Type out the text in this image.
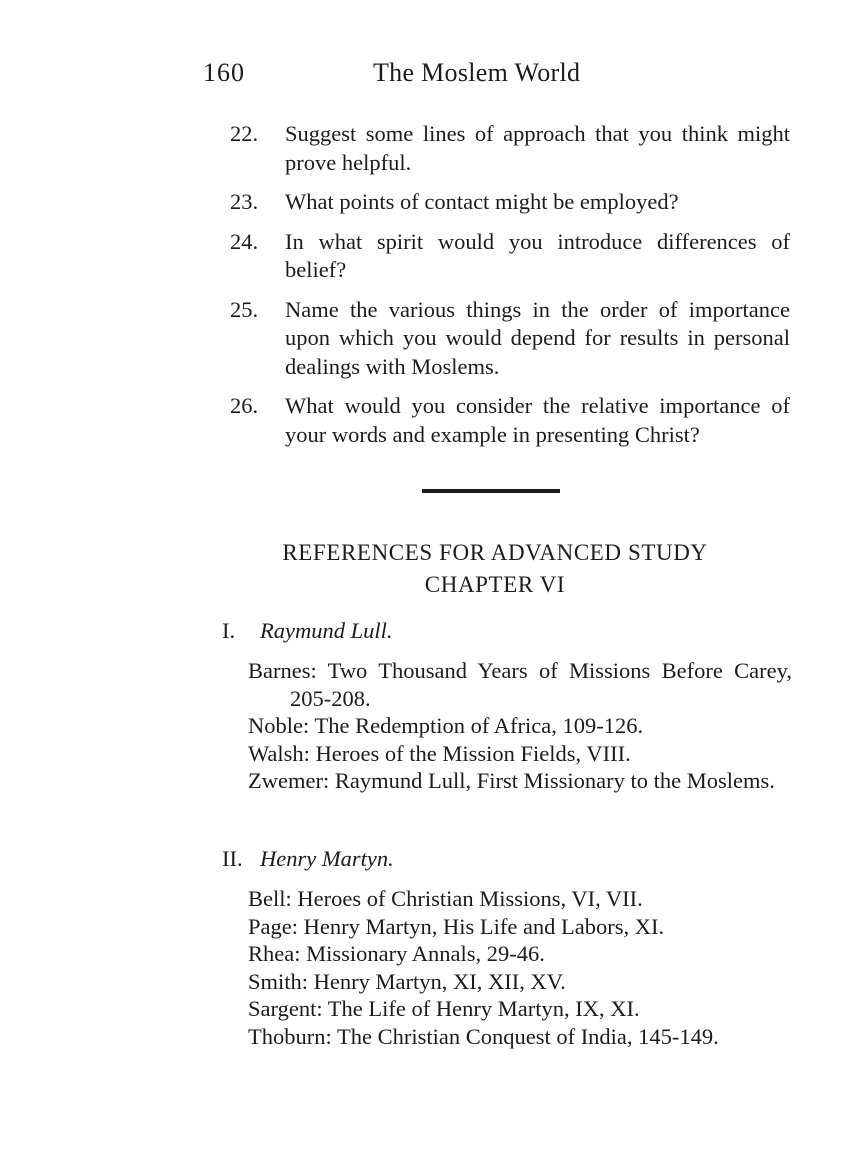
160	The Moslem World
22.	Suggest some lines of approach that you think might prove helpful.
23.	What points of contact might be employed?
24.	In what spirit would you introduce differences of belief?
25.	Name the various things in the order of importance upon which you would depend for results in personal dealings with Moslems.
26.	What would you consider the relative importance of your words and example in presenting Christ?
REFERENCES FOR ADVANCED STUDY
CHAPTER VI
I. Raymund Lull.
Barnes: Two Thousand Years of Missions Before Carey, 205-208.
Noble: The Redemption of Africa, 109-126.
Walsh: Heroes of the Mission Fields, VIII.
Zwemer: Raymund Lull, First Missionary to the Moslems.
II. Henry Martyn.
Bell: Heroes of Christian Missions, VI, VII.
Page: Henry Martyn, His Life and Labors, XI.
Rhea: Missionary Annals, 29-46.
Smith: Henry Martyn, XI, XII, XV.
Sargent: The Life of Henry Martyn, IX, XI.
Thoburn: The Christian Conquest of India, 145-149.
